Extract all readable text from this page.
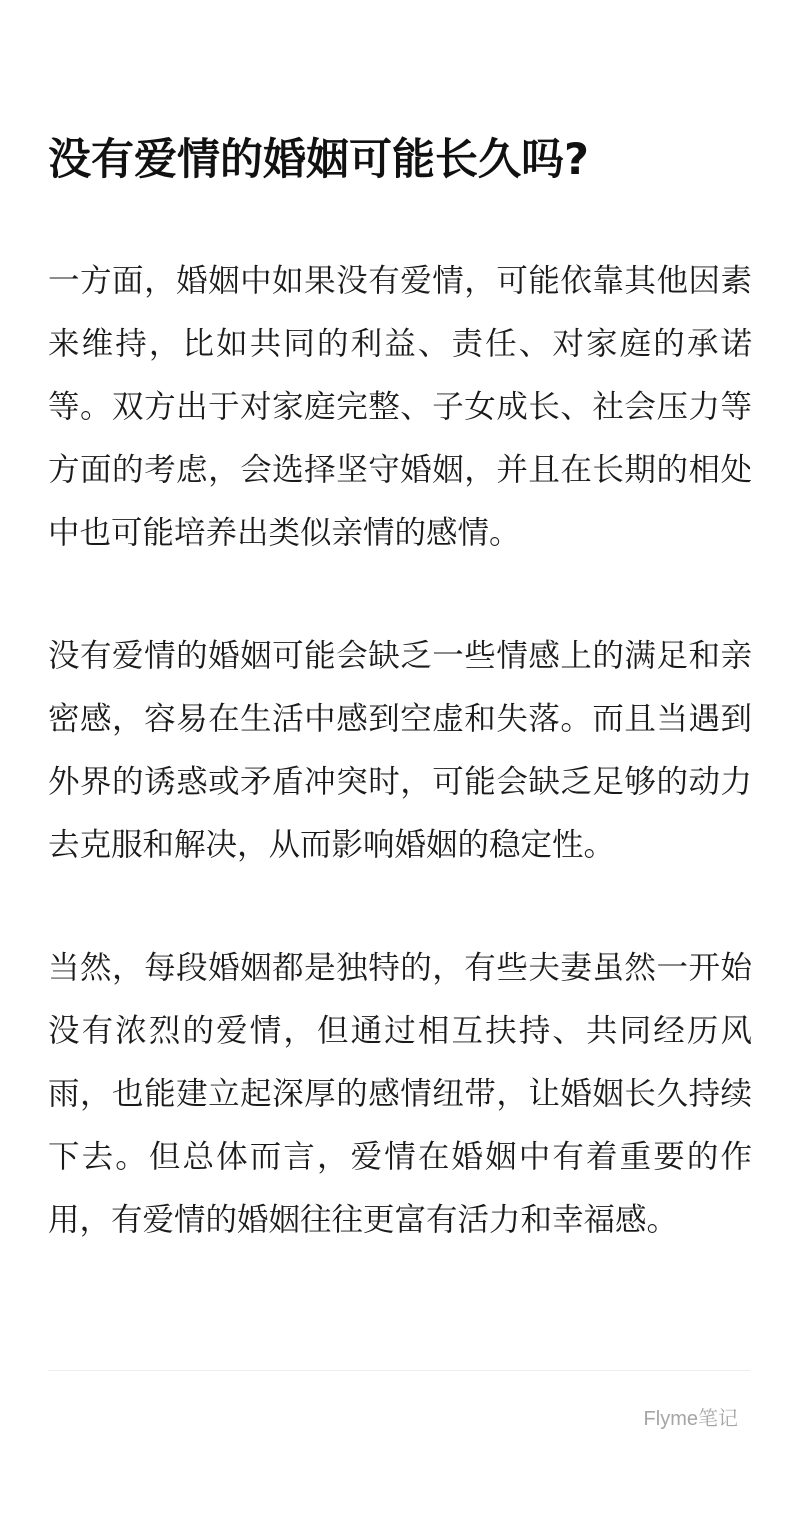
没有爱情的婚姻可能长久吗?

一方面，婚姻中如果没有爱情，可能依靠其他因素来维持，比如共同的利益、责任、对家庭的承诺等。双方出于对家庭完整、子女成长、社会压力等方面的考虑，会选择坚守婚姻，并且在长期的相处中也可能培养出类似亲情的感情。

没有爱情的婚姻可能会缺乏一些情感上的满足和亲密感，容易在生活中感到空虚和失落。而且当遇到外界的诱惑或矛盾冲突时，可能会缺乏足够的动力去克服和解决，从而影响婚姻的稳定性。

当然，每段婚姻都是独特的，有些夫妻虽然一开始没有浓烈的爱情，但通过相互扶持、共同经历风雨，也能建立起深厚的感情纽带，让婚姻长久持续下去。但总体而言，爱情在婚姻中有着重要的作用，有爱情的婚姻往往更富有活力和幸福感。

Flyme笔记
